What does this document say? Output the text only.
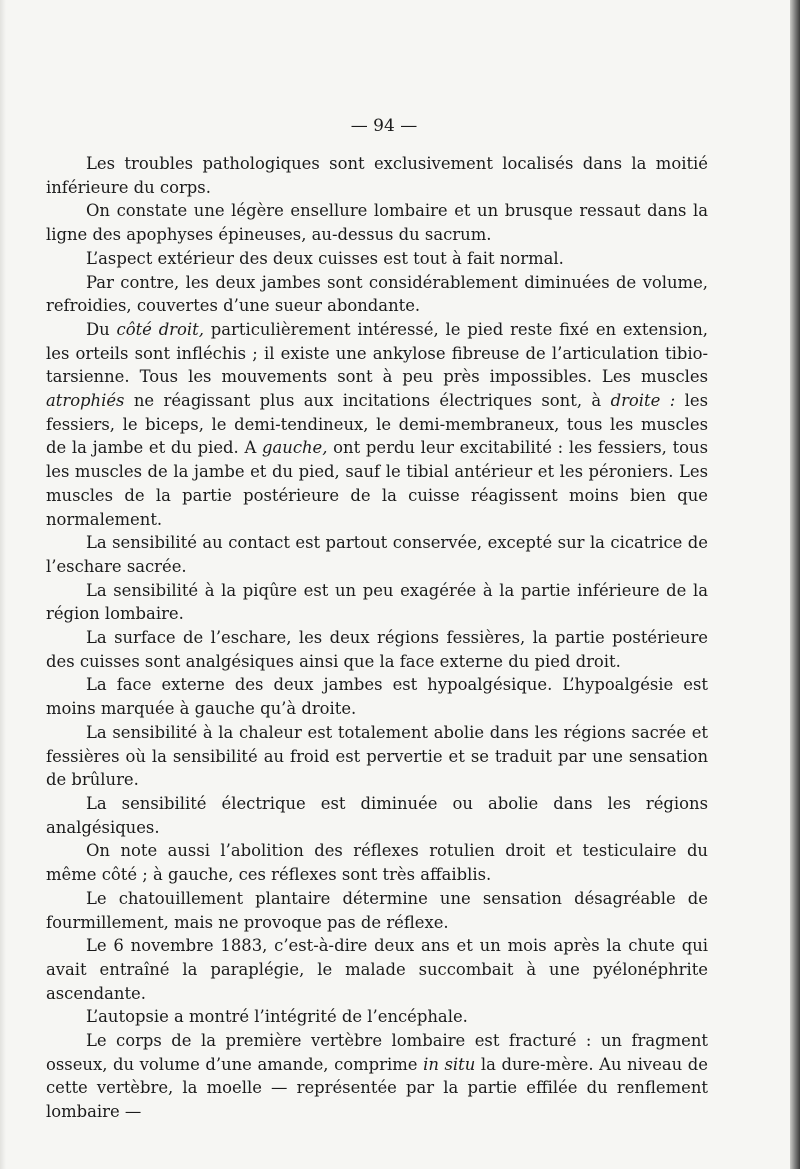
— 94 —

Les troubles pathologiques sont exclusivement localisés dans la moitié inférieure du corps.

On constate une légère ensellure lombaire et un brusque ressaut dans la ligne des apophyses épineuses, au-dessus du sacrum.

L’aspect extérieur des deux cuisses est tout à fait normal.

Par contre, les deux jambes sont considérablement diminuées de volume, refroidies, couvertes d’une sueur abondante.

Du côté droit, particulièrement intéressé, le pied reste fixé en extension, les orteils sont infléchis ; il existe une ankylose fibreuse de l’articulation tibio-tarsienne. Tous les mouvements sont à peu près impossibles. Les muscles atrophiés ne réagissant plus aux incitations électriques sont, à droite : les fessiers, le biceps, le demi-tendineux, le demi-membraneux, tous les muscles de la jambe et du pied. A gauche, ont perdu leur excitabilité : les fessiers, tous les muscles de la jambe et du pied, sauf le tibial antérieur et les péroniers. Les muscles de la partie postérieure de la cuisse réagissent moins bien que normalement.

La sensibilité au contact est partout conservée, excepté sur la cicatrice de l’eschare sacrée.

La sensibilité à la piqûre est un peu exagérée à la partie inférieure de la région lombaire.

La surface de l’eschare, les deux régions fessières, la partie postérieure des cuisses sont analgésiques ainsi que la face externe du pied droit.

La face externe des deux jambes est hypoalgésique. L’hypoalgésie est moins marquée à gauche qu’à droite.

La sensibilité à la chaleur est totalement abolie dans les régions sacrée et fessières où la sensibilité au froid est pervertie et se traduit par une sensation de brûlure.

La sensibilité électrique est diminuée ou abolie dans les régions analgésiques.

On note aussi l’abolition des réflexes rotulien droit et testiculaire du même côté ; à gauche, ces réflexes sont très affaiblis.

Le chatouillement plantaire détermine une sensation désagréable de fourmillement, mais ne provoque pas de réflexe.

Le 6 novembre 1883, c’est-à-dire deux ans et un mois après la chute qui avait entraîné la paraplégie, le malade succombait à une pyélonéphrite ascendante.

L’autopsie a montré l’intégrité de l’encéphale.

Le corps de la première vertèbre lombaire est fracturé : un fragment osseux, du volume d’une amande, comprime in situ la dure-mère. Au niveau de cette vertèbre, la moelle — représentée par la partie effilée du renflement lombaire —
